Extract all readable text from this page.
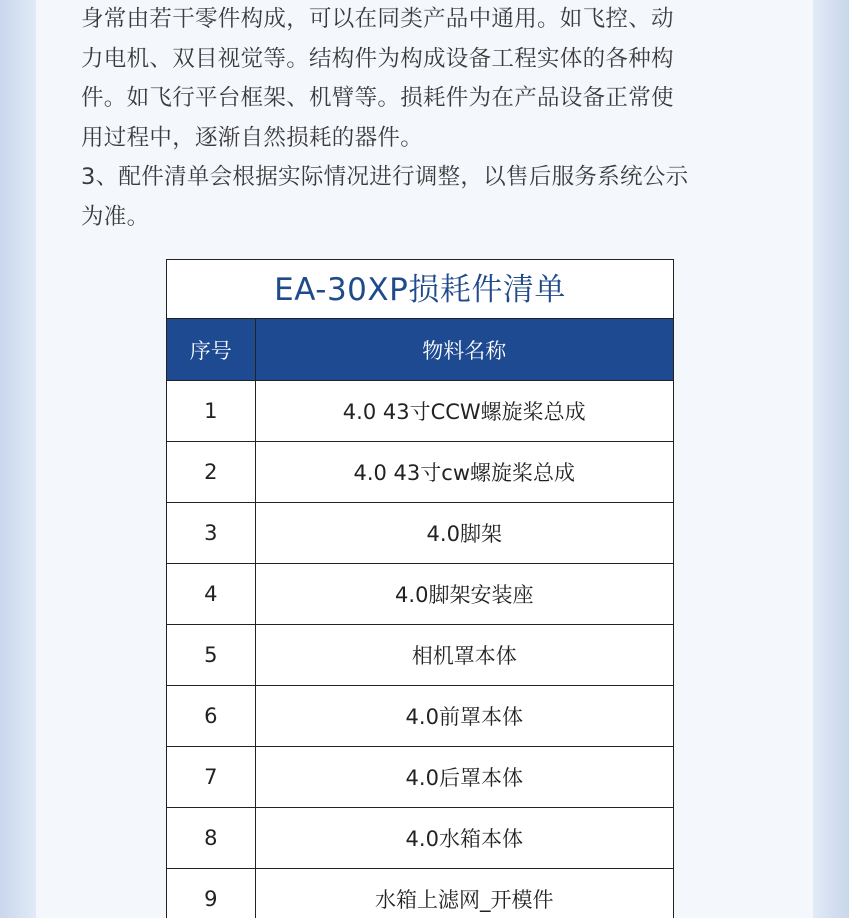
身常由若干零件构成，可以在同类产品中通用。如飞控、动
力电机、双目视觉等。结构件为构成设备工程实体的各种构
件。如飞行平台框架、机臂等。损耗件为在产品设备正常使
用过程中，逐渐自然损耗的器件。
3、配件清单会根据实际情况进行调整，以售后服务系统公示
为准。
EA-30XP损耗件清单
序号	物料名称
1	4.0 43寸CCW螺旋桨总成
2	4.0 43寸cw螺旋桨总成
3	4.0脚架
4	4.0脚架安装座
5	相机罩本体
6	4.0前罩本体
7	4.0后罩本体
8	4.0水箱本体
9	水箱上滤网_开模件
